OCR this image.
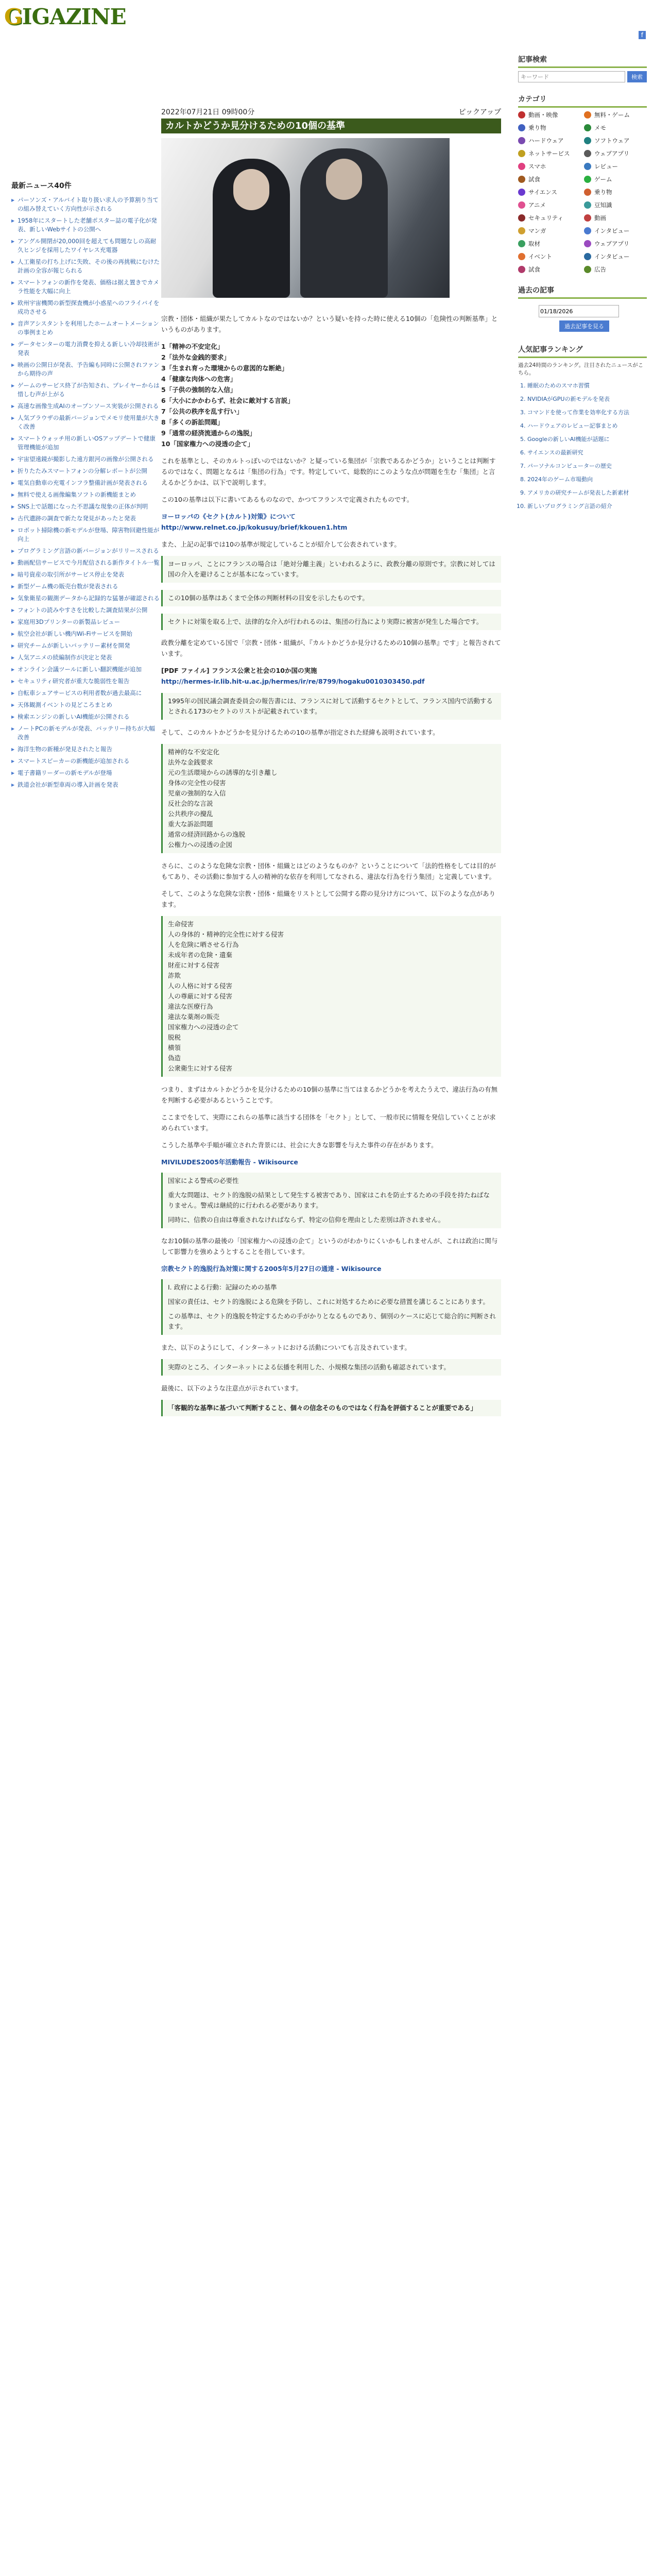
GIGAZINE
f
最新ニュース40件
▶ パーソンズ・アルバイト取り扱い求人の予算割り当ての組み替えていく方向性が示される
▶ 1958年にスタートした老舗ポスター誌の電子化が発表、新しいWebサイトの公開へ
▶ アングル開閉が20,000回を超えても問題なしの高耐久ヒンジを採用したワイヤレス充電器
▶ 人工衛星の打ち上げに失敗、その後の再挑戦にむけた計画の全容が報じられる
▶ スマートフォンの新作を発表、価格は据え置きでカメラ性能を大幅に向上
▶ 欧州宇宙機関の新型探査機が小惑星へのフライバイを成功させる
▶ 音声アシスタントを利用したホームオートメーションの事例まとめ
▶ データセンターの電力消費を抑える新しい冷却技術が発表
▶ 映画の公開日が発表、予告編も同時に公開されファンから期待の声
▶ ゲームのサービス終了が告知され、プレイヤーからは惜しむ声が上がる
▶ 高速な画像生成AIのオープンソース実装が公開される
▶ 人気ブラウザの最新バージョンでメモリ使用量が大きく改善
▶ スマートウォッチ用の新しいOSアップデートで健康管理機能が追加
▶ 宇宙望遠鏡が撮影した遠方銀河の画像が公開される
▶ 折りたたみスマートフォンの分解レポートが公開
▶ 電気自動車の充電インフラ整備計画が発表される
▶ 無料で使える画像編集ソフトの新機能まとめ
▶ SNS上で話題になった不思議な現象の正体が判明
▶ 古代遺跡の調査で新たな発見があったと発表
▶ ロボット掃除機の新モデルが登場、障害物回避性能が向上
▶ プログラミング言語の新バージョンがリリースされる
▶ 動画配信サービスで今月配信される新作タイトル一覧
▶ 暗号資産の取引所がサービス停止を発表
▶ 新型ゲーム機の販売台数が発表される
▶ 気象衛星の観測データから記録的な猛暑が確認される
▶ フォントの読みやすさを比較した調査結果が公開
▶ 家庭用3Dプリンターの新製品レビュー
▶ 航空会社が新しい機内Wi-Fiサービスを開始
▶ 研究チームが新しいバッテリー素材を開発
▶ 人気アニメの続編制作が決定と発表
▶ オンライン会議ツールに新しい翻訳機能が追加
▶ セキュリティ研究者が重大な脆弱性を報告
▶ 自転車シェアサービスの利用者数が過去最高に
▶ 天体観測イベントの見どころまとめ
▶ 検索エンジンの新しいAI機能が公開される
▶ ノートPCの新モデルが発表、バッテリー持ちが大幅改善
▶ 海洋生物の新種が発見されたと報告
▶ スマートスピーカーの新機能が追加される
▶ 電子書籍リーダーの新モデルが登場
▶ 鉄道会社が新型車両の導入計画を発表
2022年07月21日 09時00分	ピックアップ
カルトかどうか見分けるための10個の基準

宗教・団体・組織が果たしてカルトなのではないか？という疑いを持った時に使える10個の「危険性の判断基準」というものがあります。

1「精神の不安定化」
2「法外な金銭的要求」
3「生まれ育った環境からの意図的な断絶」
4「健康な肉体への危害」
5「子供の強制的な入信」
6「大小にかかわらず、社会に敵対する言説」
7「公共の秩序を乱す行い」
8「多くの訴訟問題」
9「通常の経済流通からの逸脱」
10「国家権力への浸透の企て」

これを基準とし、そのカルトっぽいのではないか？と疑っている集団が「宗教であるかどうか」ということは判断するのではなく、問題となるは「集団の行為」です。特定していて、総数的にこのような点が問題を生む「集団」と言えるかどうかは、以下で説明します。

この10の基準は以下に書いてあるものなので、かつてフランスで定義されたものです。

ヨーロッパの《セクト(カルト)対策》について

http://www.relnet.co.jp/kokusuy/brief/kkouen1.htm

また、上記の記事では10の基準が規定していることが紹介して公表されています。

ヨーロッパ、ことにフランスの場合は「絶対分離主義」といわれるように、政教分離の原則です。宗教に対しては国の介入を避けることが基本になっています。
この10個の基準はあくまで全体の判断材料の目安を示したものです。
セクトに対策を取る上で、法律的な介入が行われるのは、集団の行為により実際に被害が発生した場合です。

政教分離を定めている国で「宗教・団体・組織が、『カルトかどうか見分けるための10個の基準』です」と報告されています。

[PDF ファイル] フランス公衆と社会の10か国の実施

http://hermes-ir.lib.hit-u.ac.jp/hermes/ir/re/8799/hogaku0010303450.pdf

1995年の国民議会調査委員会の報告書には、フランスに対して活動するセクトとして、フランス国内で活動するとされる173のセクトのリストが記載されています。

そして、このカルトかどうかを見分けるための10の基準が指定された経緯も説明されています。

精神的な不安定化
法外な金銭要求
元の生活環境からの誘導的な引き離し
身体の完全性の侵害
児童の強制的な入信
反社会的な言説
公共秩序の攪乱
重大な訴訟問題
通常の経済回路からの逸脱
公権力への浸透の企図

さらに、このような危険な宗教・団体・組織とはどのようなものか？ということについて「法的性格をしては目的がもてあり、その活動に参加する人の精神的な依存を利用してなされる、違法な行為を行う集団」と定義しています。

そして、このような危険な宗教・団体・組織をリストとして公開する際の見分け方について、以下のような点があります。

生命侵害
人の身体的・精神的完全性に対する侵害
人を危険に晒させる行為
未成年者の危険・遺棄
財産に対する侵害
詐欺
人の人格に対する侵害
人の尊厳に対する侵害
違法な医療行為
違法な薬剤の販売
国家権力への浸透の企て
脱税
横領
偽造
公衆衛生に対する侵害

つまり、まずはカルトかどうかを見分けるための10個の基準に当てはまるかどうかを考えたうえで、違法行為の有無を判断する必要があるということです。

ここまでをして、実際にこれらの基準に該当する団体を「セクト」として、一般市民に情報を発信していくことが求められています。

こうした基準や手順が確立された背景には、社会に大きな影響を与えた事件の存在があります。

MIVILUDES2005年活動報告 - Wikisource
国家による警戒の必要性
重大な問題は、セクト的逸脱の結果として発生する被害であり、国家はこれを防止するための手段を持たねばなりません。警戒は継続的に行われる必要があります。
同時に、信教の自由は尊重されなければならず、特定の信仰を理由とした差別は許されません。

なお10個の基準の最後の「国家権力への浸透の企て」というのがわかりにくいかもしれませんが、これは政治に関与して影響力を強めようとすることを指しています。

宗教セクト的逸脱行為対策に関する2005年5月27日の通達 - Wikisource
I. 政府による行動：記録のための基準
国家の責任は、セクト的逸脱による危険を予防し、これに対処するために必要な措置を講じることにあります。
この基準は、セクト的逸脱を特定するための手がかりとなるものであり、個別のケースに応じて総合的に判断されます。

また、以下のようにして、インターネットにおける活動についても言及されています。

実際のところ、インターネットによる伝播を利用した、小規模な集団の活動も確認されています。

最後に、以下のような注意点が示されています。

「客観的な基準に基づいて判断すること、個々の信念そのものではなく行為を評価することが重要である」
記事検索
キーワード
検索
カテゴリ
動画・映像	無料・ゲーム
乗り物	メモ
ハードウェア	ソフトウェア
ネットサービス	ウェブアプリ
スマホ	レビュー
試食	ゲーム
サイエンス	乗り物
アニメ	豆知識
セキュリティ	動画
マンガ	インタビュー
取材	ウェブアプリ
イベント	インタビュー
試食	広告
過去の記事
01/18/2026
過去記事を見る
人気記事ランキング
過去24時間のランキング。注目されたニュースがこちら。
1. 睡眠のためのスマホ習慣
2. NVIDIAがGPUの新モデルを発表
3. コマンドを使って作業を効率化する方法
4. ハードウェアのレビュー記事まとめ
5. Googleの新しいAI機能が話題に
6. サイエンスの最新研究
7. パーソナルコンピューターの歴史
8. 2024年のゲーム市場動向
9. アメリカの研究チームが発表した新素材
10. 新しいプログラミング言語の紹介
